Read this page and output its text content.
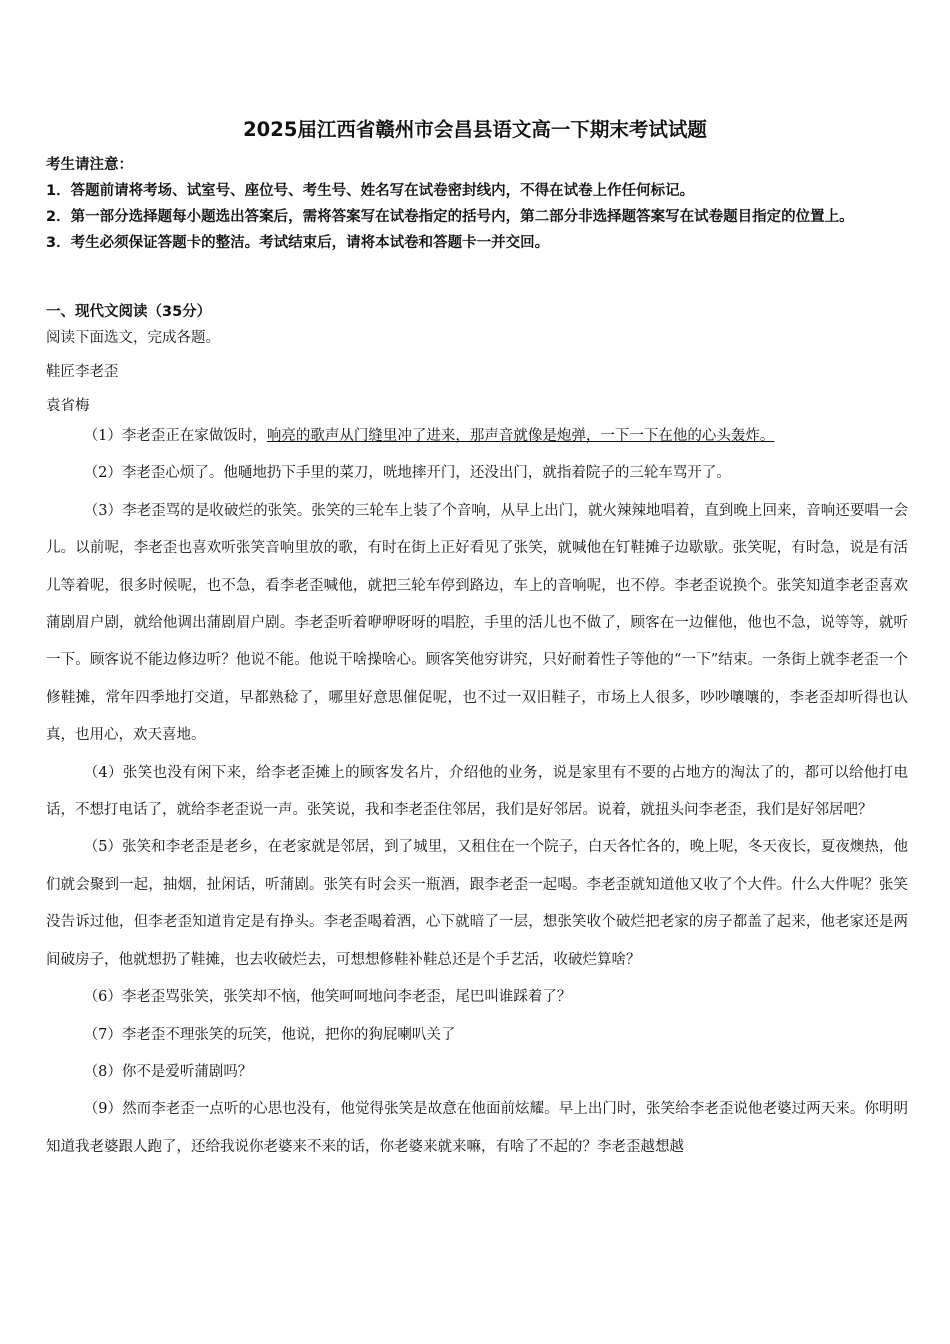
2025届江西省赣州市会昌县语文高一下期末考试试题

考生请注意：

1．答题前请将考场、试室号、座位号、考生号、姓名写在试卷密封线内，不得在试卷上作任何标记。

2．第一部分选择题每小题选出答案后，需将答案写在试卷指定的括号内，第二部分非选择题答案写在试卷题目指定的位置上。

3．考生必须保证答题卡的整洁。考试结束后，请将本试卷和答题卡一并交回。

一、现代文阅读（35分）
阅读下面选文，完成各题。
鞋匠李老歪
袁省梅

（1）李老歪正在家做饭时，响亮的歌声从门缝里冲了进来，那声音就像是炮弹，一下一下在他的心头轰炸。

（2）李老歪心烦了。他嗵地扔下手里的菜刀，咣地摔开门，还没出门，就指着院子的三轮车骂开了。

（3）李老歪骂的是收破烂的张笑。张笑的三轮车上装了个音响，从早上出门，就火辣辣地唱着，直到晚上回来，音响还要唱一会儿。以前呢，李老歪也喜欢听张笑音响里放的歌，有时在街上正好看见了张笑，就喊他在钉鞋摊子边歇歇。张笑呢，有时急，说是有活儿等着呢，很多时候呢，也不急，看李老歪喊他，就把三轮车停到路边，车上的音响呢，也不停。李老歪说换个。张笑知道李老歪喜欢蒲剧眉户剧，就给他调出蒲剧眉户剧。李老歪听着咿咿呀呀的唱腔，手里的活儿也不做了，顾客在一边催他，他也不急，说等等，就听一下。顾客说不能边修边听？他说不能。他说干啥操啥心。顾客笑他穷讲究，只好耐着性子等他的“一下”结束。一条街上就李老歪一个修鞋摊，常年四季地打交道，早都熟稔了，哪里好意思催促呢，也不过一双旧鞋子，市场上人很多，吵吵嚷嚷的，李老歪却听得也认真，也用心，欢天喜地。

（4）张笑也没有闲下来，给李老歪摊上的顾客发名片，介绍他的业务，说是家里有不要的占地方的淘汰了的，都可以给他打电话，不想打电话了，就给李老歪说一声。张笑说，我和李老歪住邻居，我们是好邻居。说着，就扭头问李老歪，我们是好邻居吧？

（5）张笑和李老歪是老乡，在老家就是邻居，到了城里，又租住在一个院子，白天各忙各的，晚上呢，冬天夜长，夏夜燠热，他们就会聚到一起，抽烟，扯闲话，听蒲剧。张笑有时会买一瓶酒，跟李老歪一起喝。李老歪就知道他又收了个大件。什么大件呢？张笑没告诉过他，但李老歪知道肯定是有挣头。李老歪喝着酒，心下就暗了一层，想张笑收个破烂把老家的房子都盖了起来，他老家还是两间破房子，他就想扔了鞋摊，也去收破烂去，可想想修鞋补鞋总还是个手艺活，收破烂算啥？

（6）李老歪骂张笑，张笑却不恼，他笑呵呵地问李老歪，尾巴叫谁踩着了？

（7）李老歪不理张笑的玩笑，他说，把你的狗屁喇叭关了

（8）你不是爱听蒲剧吗？

（9）然而李老歪一点听的心思也没有，他觉得张笑是故意在他面前炫耀。早上出门时，张笑给李老歪说他老婆过两天来。你明明知道我老婆跟人跑了，还给我说你老婆来不来的话，你老婆来就来嘛，有啥了不起的？李老歪越想越
